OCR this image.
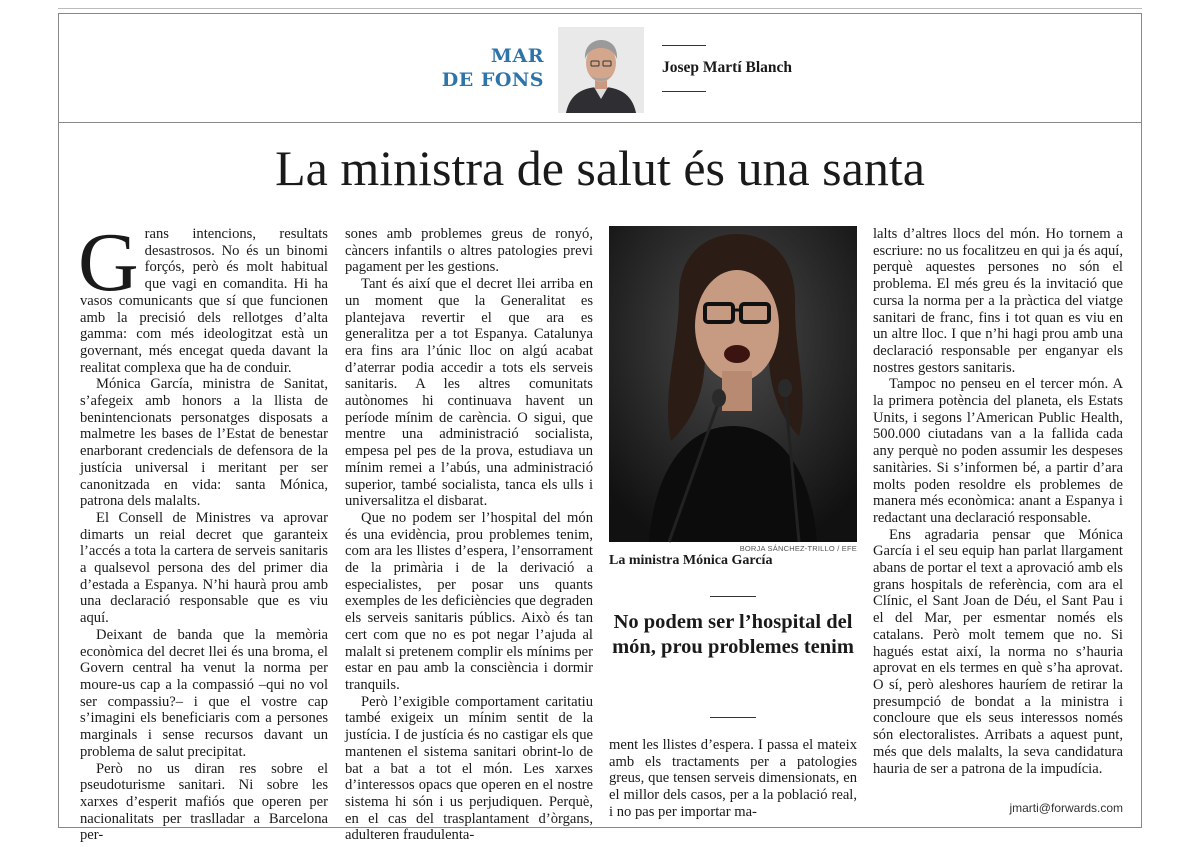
MAR
DE FONS
Josep Martí Blanch
La ministra de salut és una santa

Grans intencions, resultats desastrosos. No és un binomi forçós, però és molt habitual que vagi en comandita. Hi ha vasos comunicants que sí que funcionen amb la precisió dels rellotges d’alta gamma: com més ideologitzat està un governant, més encegat queda davant la realitat complexa que ha de conduir.

Mónica García, ministra de Sanitat, s’afegeix amb honors a la llista de benintencionats personatges disposats a malmetre les bases de l’Estat de benestar enarborant credencials de defensora de la justícia universal i meritant per ser canonitzada en vida: santa Mónica, patrona dels malalts.

El Consell de Ministres va aprovar dimarts un reial decret que garanteix l’accés a tota la cartera de serveis sanitaris a qualsevol persona des del primer dia d’estada a Espanya. N’hi haurà prou amb una declaració responsable que es viu aquí.

Deixant de banda que la memòria econòmica del decret llei és una broma, el Govern central ha venut la norma per moure-us cap a la compassió –qui no vol ser compassiu?– i que el vostre cap s’imagini els beneficiaris com a persones marginals i sense recursos davant un problema de salut precipitat.

Però no us diran res sobre el pseudoturisme sanitari. Ni sobre les xarxes d’esperit mafiós que operen per nacionalitats per traslladar a Barcelona per-

sones amb problemes greus de ronyó, càncers infantils o altres patologies previ pagament per les gestions.

Tant és així que el decret llei arriba en un moment que la Generalitat es plantejava revertir el que ara es generalitza per a tot Espanya. Catalunya era fins ara l’únic lloc on algú acabat d’aterrar podia accedir a tots els serveis sanitaris. A les altres comunitats autònomes hi continuava havent un període mínim de carència. O sigui, que mentre una administració socialista, empesa pel pes de la prova, estudiava un mínim remei a l’abús, una administració superior, també socialista, tanca els ulls i universalitza el disbarat.

Que no podem ser l’hospital del món és una evidència, prou problemes tenim, com ara les llistes d’espera, l’ensorrament de la primària i de la derivació a especialistes, per posar uns quants exemples de les deficiències que degraden els serveis sanitaris públics. Això és tan cert com que no es pot negar l’ajuda al malalt si pretenem complir els mínims per estar en pau amb la consciència i dormir tranquils.

Però l’exigible comportament caritatiu també exigeix un mínim sentit de la justícia. I de justícia és no castigar els que mantenen el sistema sanitari obrint-lo de bat a bat a tot el món. Les xarxes d’interessos opacs que operen en el nostre sistema hi són i us perjudiquen. Perquè, en el cas del trasplantament d’òrgans, adulteren fraudulenta-

BORJA SÁNCHEZ-TRILLO / EFE
La ministra Mónica García
No podem ser l’hospital del món, prou problemes tenim

ment les llistes d’espera. I passa el mateix amb els tractaments per a patologies greus, que tensen serveis dimensionats, en el millor dels casos, per a la població real, i no pas per importar ma-

lalts d’altres llocs del món. Ho tornem a escriure: no us focalitzeu en qui ja és aquí, perquè aquestes persones no són el problema. El més greu és la invitació que cursa la norma per a la pràctica del viatge sanitari de franc, fins i tot quan es viu en un altre lloc. I que n’hi hagi prou amb una declaració responsable per enganyar els nostres gestors sanitaris.

Tampoc no penseu en el tercer món. A la primera potència del planeta, els Estats Units, i segons l’American Public Health, 500.000 ciutadans van a la fallida cada any perquè no poden assumir les despeses sanitàries. Si s’informen bé, a partir d’ara molts poden resoldre els problemes de manera més econòmica: anant a Espanya i redactant una declaració responsable.

Ens agradaria pensar que Mónica García i el seu equip han parlat llargament abans de portar el text a aprovació amb els grans hospitals de referència, com ara el Clínic, el Sant Joan de Déu, el Sant Pau i el del Mar, per esmentar només els catalans. Però molt temem que no. Si hagués estat així, la norma no s’hauria aprovat en els termes en què s’ha aprovat. O sí, però aleshores hauríem de retirar la presumpció de bondat a la ministra i concloure que els seus interessos només són electoralistes. Arribats a aquest punt, més que dels malalts, la seva candidatura hauria de ser a patrona de la impudícia.

jmarti@forwards.com
